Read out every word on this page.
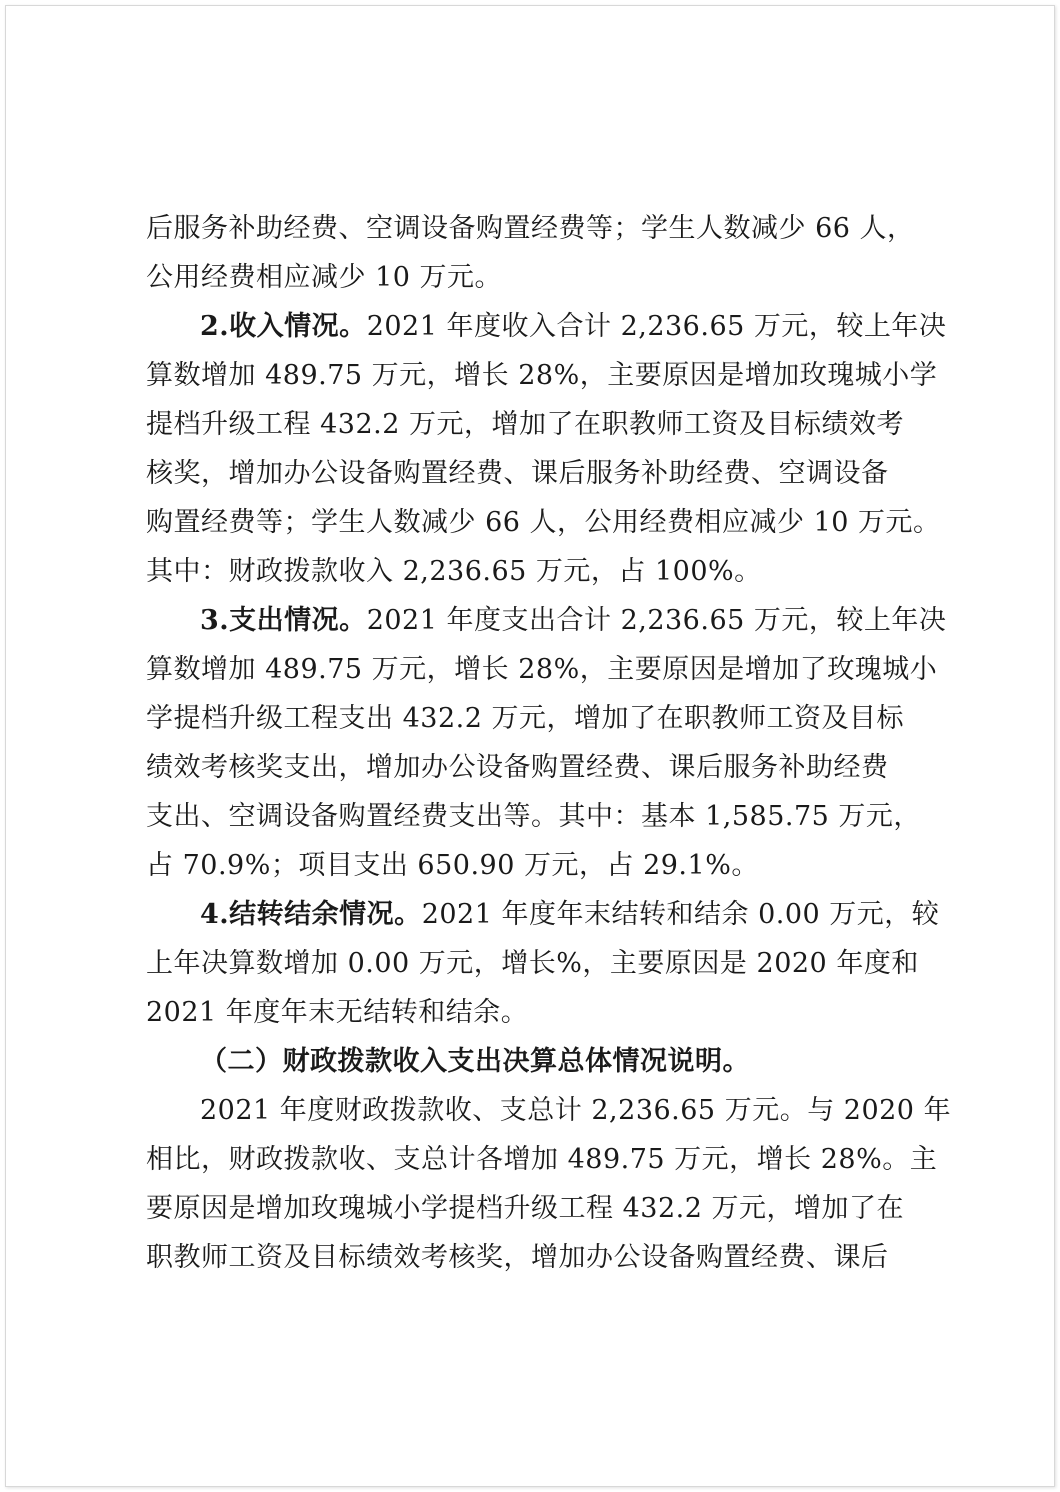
后服务补助经费、空调设备购置经费等；学生人数减少 66 人，
公用经费相应减少 10 万元。
2.收入情况。2021 年度收入合计 2,236.65 万元，较上年决
算数增加 489.75 万元，增长 28%，主要原因是增加玫瑰城小学
提档升级工程 432.2 万元，增加了在职教师工资及目标绩效考
核奖，增加办公设备购置经费、课后服务补助经费、空调设备
购置经费等；学生人数减少 66 人，公用经费相应减少 10 万元。
其中：财政拨款收入 2,236.65 万元，占 100%。
3.支出情况。2021 年度支出合计 2,236.65 万元，较上年决
算数增加 489.75 万元，增长 28%，主要原因是增加了玫瑰城小
学提档升级工程支出 432.2 万元，增加了在职教师工资及目标
绩效考核奖支出，增加办公设备购置经费、课后服务补助经费
支出、空调设备购置经费支出等。其中：基本 1,585.75 万元，
占 70.9%；项目支出 650.90 万元，占 29.1%。
4.结转结余情况。2021 年度年末结转和结余 0.00 万元，较
上年决算数增加 0.00 万元，增长%，主要原因是 2020 年度和
2021 年度年末无结转和结余。
（二）财政拨款收入支出决算总体情况说明。
2021 年度财政拨款收、支总计 2,236.65 万元。与 2020 年
相比，财政拨款收、支总计各增加 489.75 万元，增长 28%。主
要原因是增加玫瑰城小学提档升级工程 432.2 万元，增加了在
职教师工资及目标绩效考核奖，增加办公设备购置经费、课后
